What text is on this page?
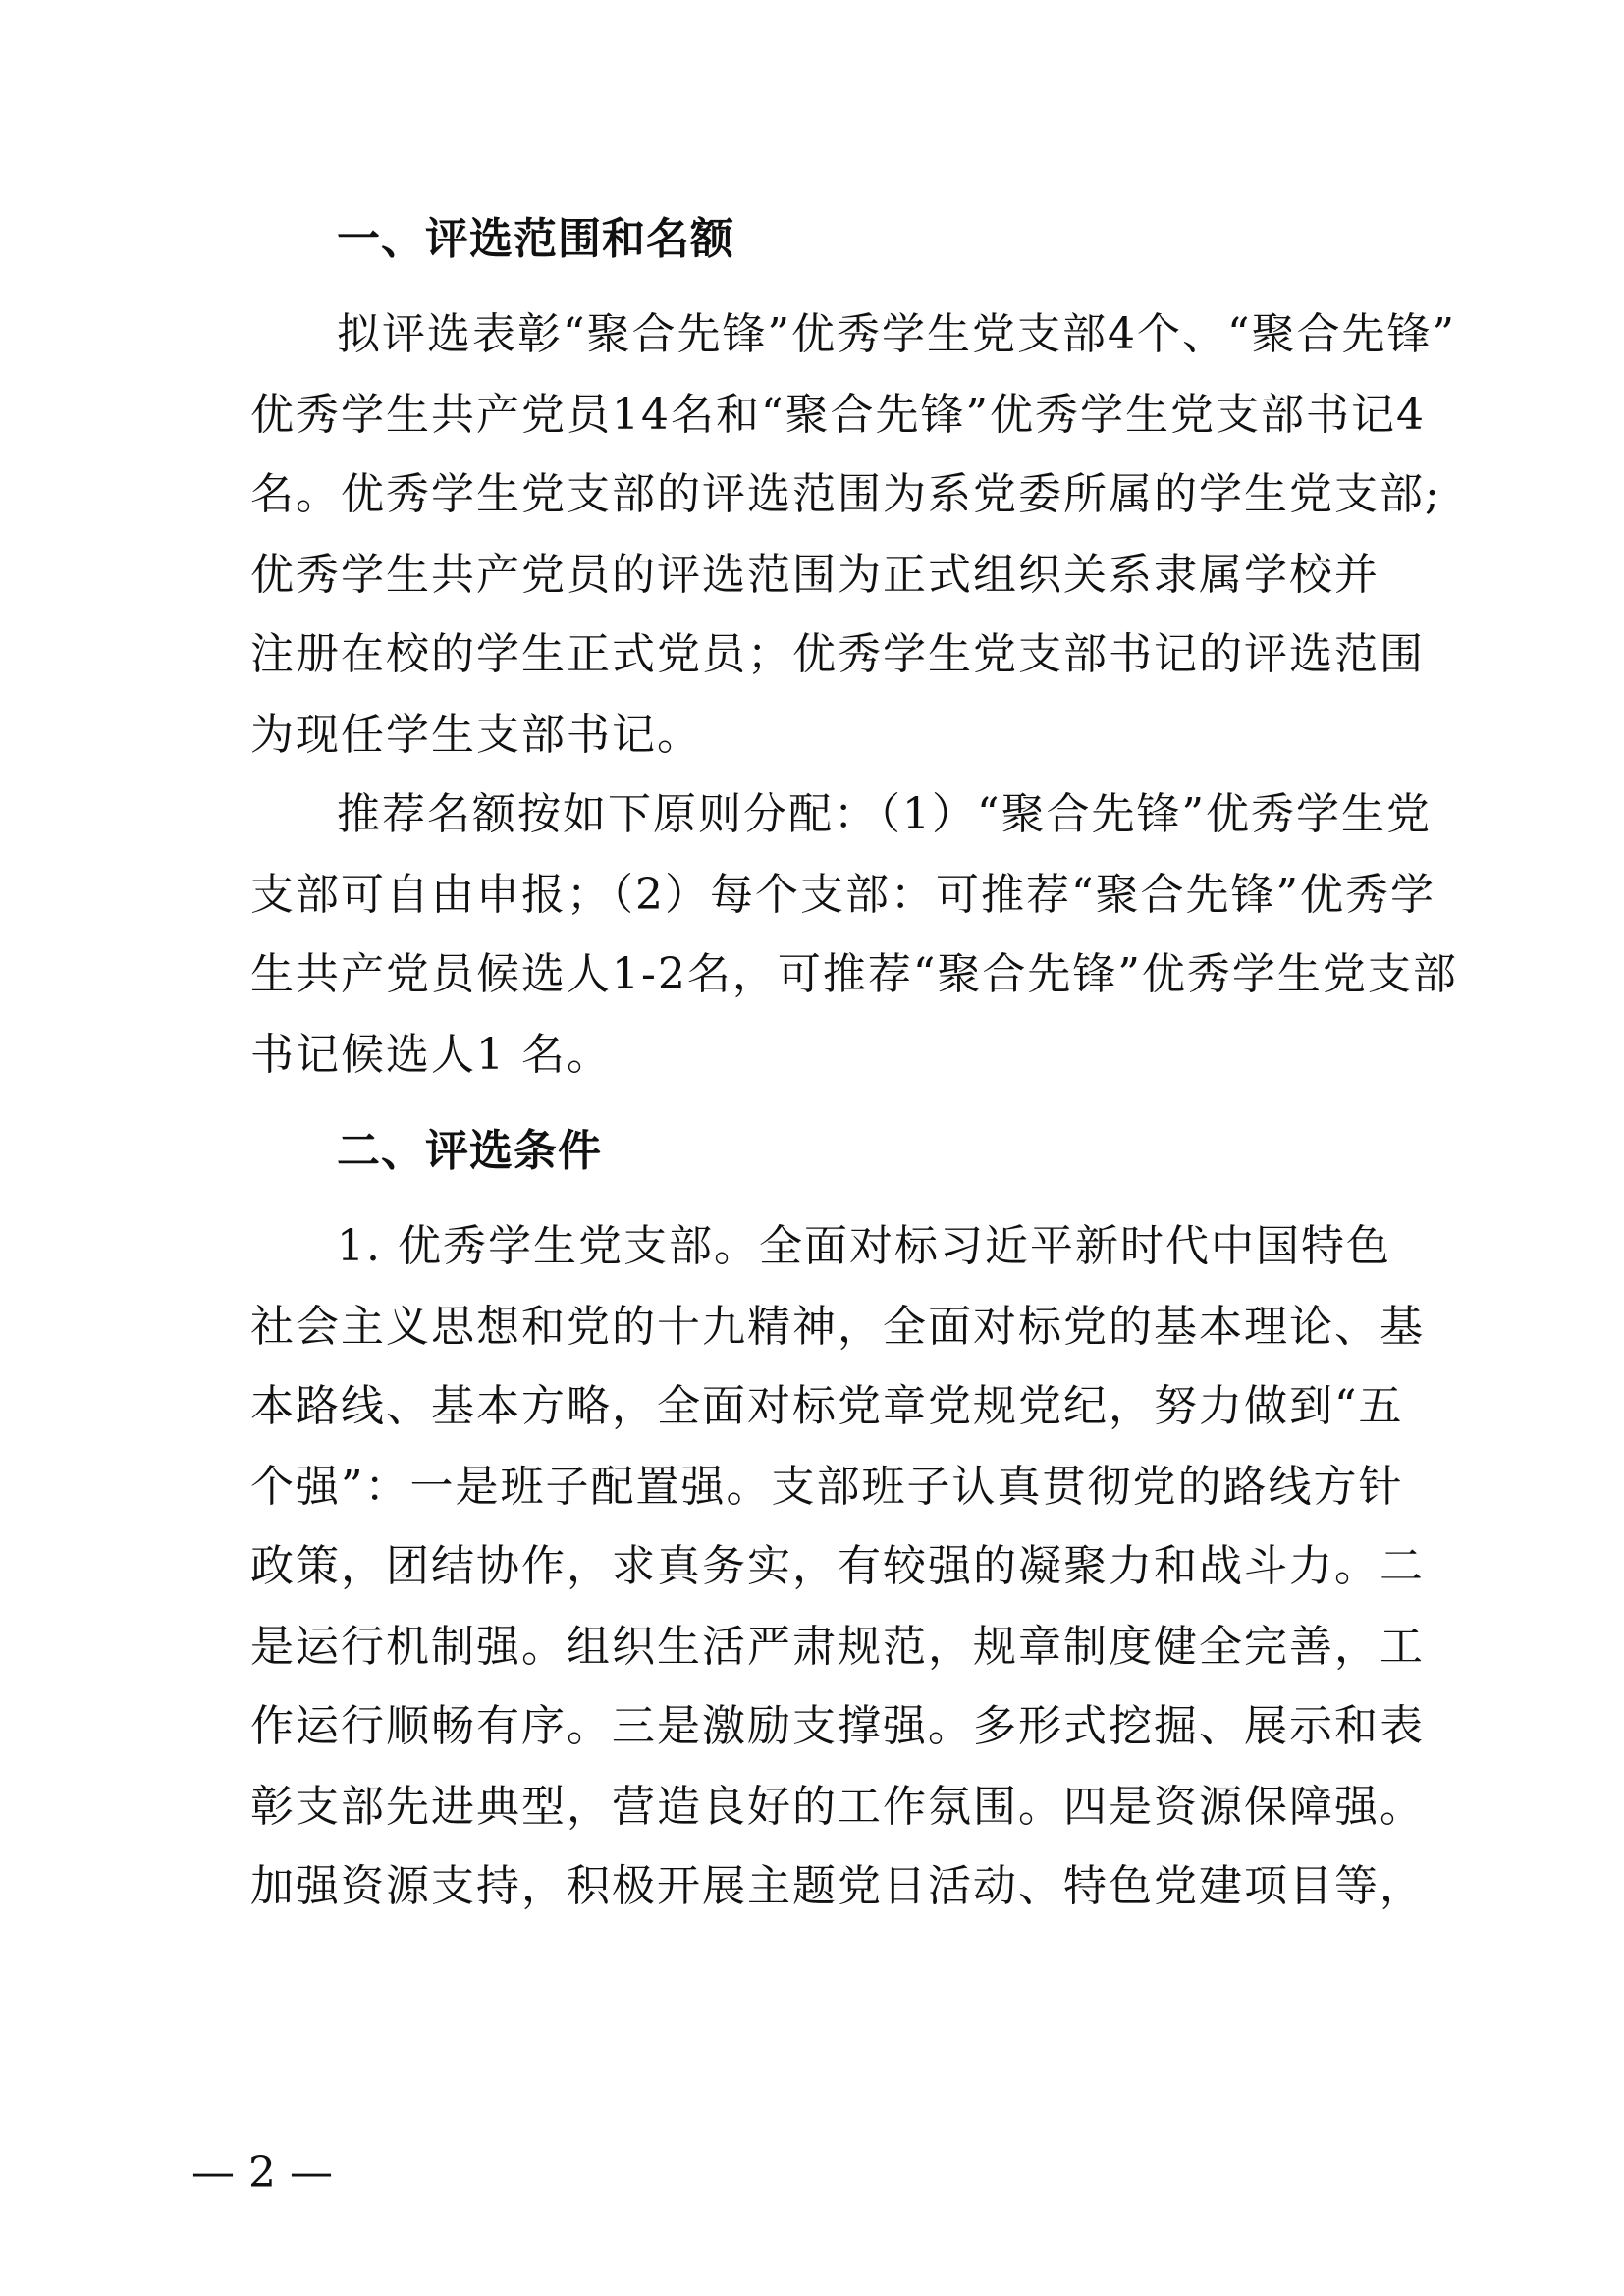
一、评选范围和名额

拟评选表彰“聚合先锋”优秀学生党支部4个、“聚合先锋”

优秀学生共产党员14名和“聚合先锋”优秀学生党支部书记4

名。优秀学生党支部的评选范围为系党委所属的学生党支部;

优秀学生共产党员的评选范围为正式组织关系隶属学校并

注册在校的学生正式党员；优秀学生党支部书记的评选范围

为现任学生支部书记。

推荐名额按如下原则分配：（1）“聚合先锋”优秀学生党

支部可自由申报；（2）每个支部：可推荐“聚合先锋”优秀学

生共产党员候选人1-2名，可推荐“聚合先锋”优秀学生党支部

书记候选人1 名。

二、评选条件

1. 优秀学生党支部。全面对标习近平新时代中国特色

社会主义思想和党的十九精神，全面对标党的基本理论、基

本路线、基本方略，全面对标党章党规党纪，努力做到“五

个强”：一是班子配置强。支部班子认真贯彻党的路线方针

政策，团结协作，求真务实，有较强的凝聚力和战斗力。二

是运行机制强。组织生活严肃规范，规章制度健全完善，工

作运行顺畅有序。三是激励支撑强。多形式挖掘、展示和表

彰支部先进典型，营造良好的工作氛围。四是资源保障强。

加强资源支持，积极开展主题党日活动、特色党建项目等，

— 2 —
